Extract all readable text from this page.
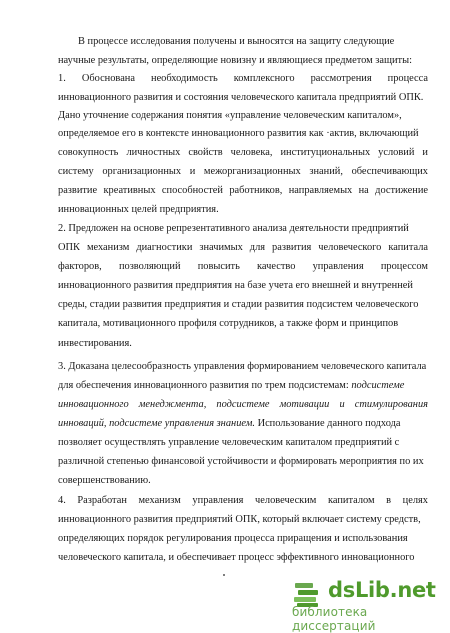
В процессе исследования получены и выносятся на защиту следующие
научные результаты, определяющие новизну и являющиеся предметом защиты:
1. Обоснована необходимость комплексного рассмотрения процесса
инновационного развития и состояния человеческого капитала предприятий ОПК.
Дано уточнение содержания понятия «управление человеческим капиталом»,
определяемое его в контексте инновационного развития как ·актив, включающий
совокупность личностных свойств человека, институциональных условий и
систему организационных и межорганизационных знаний, обеспечивающих
развитие креативных способностей работников, направляемых на достижение
инновационных целей предприятия.
2. Предложен на основе репрезентативного анализа деятельности предприятий
ОПК механизм диагностики значимых для развития человеческого капитала
факторов, позволяющий повысить качество управления процессом
инновационного развития предприятия на базе учета его внешней и внутренней
среды, стадии развития предприятия и стадии развития подсистем человеческого
капитала, мотивационного профиля сотрудников, а также форм и принципов
инвестирования.
3. Доказана целесообразность управления формированием человеческого капитала
для обеспечения инновационного развития по трем подсистемам: подсистеме
инновационного менеджмента, подсистеме мотивации и стимулирования
инноваций, подсистеме управления знанием. Использование данного подхода
позволяет осуществлять управление человеческим капиталом предприятий с
различной степенью финансовой устойчивости и формировать мероприятия по их
совершенствованию.
4. Разработан механизм управления человеческим капиталом в целях
инновационного развития предприятий ОПК, который включает систему средств,
определяющих порядок регулирования процесса приращения и использования
человеческого капитала, и обеспечивает процесс эффективного инновационного
dsLib.net
библиотека диссертаций
